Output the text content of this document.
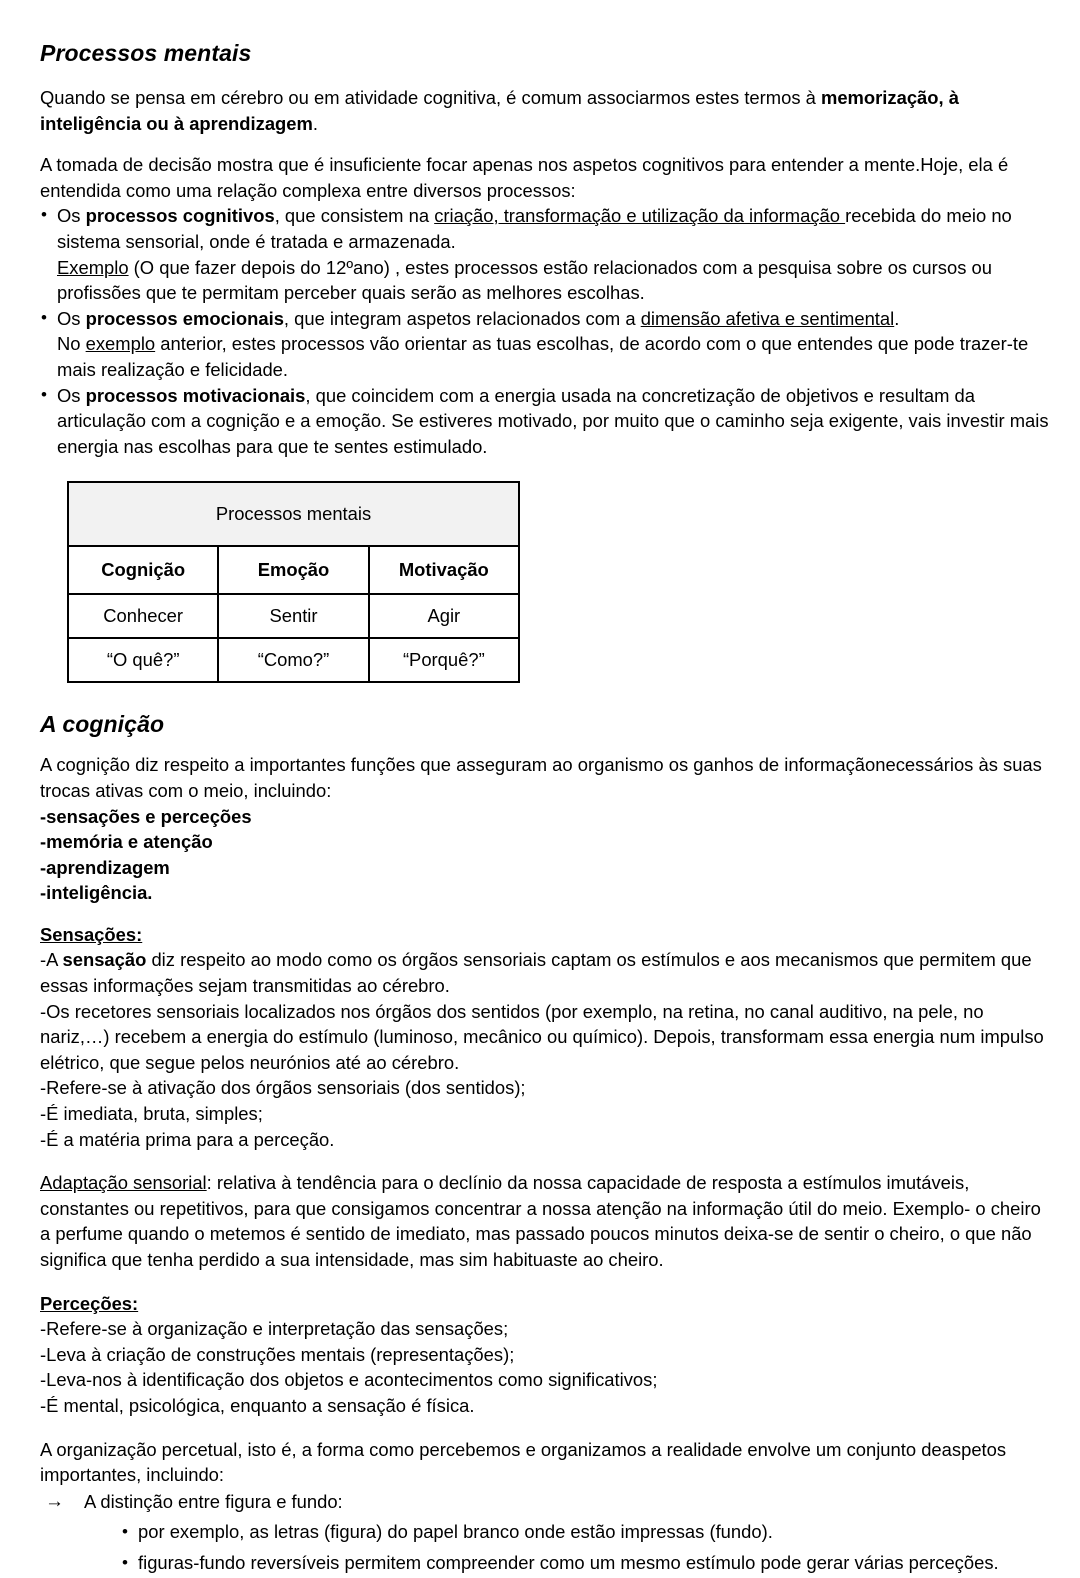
Processos mentais

Quando se pensa em cérebro ou em atividade cognitiva, é comum associarmos estes termos à memorização, à inteligência ou à aprendizagem.

A tomada de decisão mostra que é insuficiente focar apenas nos aspetos cognitivos para entender a mente.Hoje, ela é entendida como uma relação complexa entre diversos processos:

• Os processos cognitivos, que consistem na criação, transformação e utilização da informação recebida do meio no sistema sensorial, onde é tratada e armazenada.
Exemplo (O que fazer depois do 12ºano) , estes processos estão relacionados com a pesquisa sobre os cursos ou profissões que te permitam perceber quais serão as melhores escolhas.
• Os processos emocionais, que integram aspetos relacionados com a dimensão afetiva e sentimental.
No exemplo anterior, estes processos vão orientar as tuas escolhas, de acordo com o que entendes que pode trazer-te mais realização e felicidade.
• Os processos motivacionais, que coincidem com a energia usada na concretização de objetivos e resultam da articulação com a cognição e a emoção. Se estiveres motivado, por muito que o caminho seja exigente, vais investir mais energia nas escolhas para que te sentes estimulado.
Processos mentais		
Cognição	Emoção	Motivação
Conhecer	Sentir	Agir
“O quê?”	“Como?”	“Porquê?”
A cognição

A cognição diz respeito a importantes funções que asseguram ao organismo os ganhos de informaçãonecessários às suas trocas ativas com o meio, incluindo:

-sensações e perceções
-memória e atenção
-aprendizagem
-inteligência.
Sensações:
-A sensação diz respeito ao modo como os órgãos sensoriais captam os estímulos e aos mecanismos que permitem que essas informações sejam transmitidas ao cérebro.
-Os recetores sensoriais localizados nos órgãos dos sentidos (por exemplo, na retina, no canal auditivo, na pele, no nariz,…) recebem a energia do estímulo (luminoso, mecânico ou químico). Depois, transformam essa energia num impulso elétrico, que segue pelos neurónios até ao cérebro.
-Refere-se à ativação dos órgãos sensoriais (dos sentidos);
-É imediata, bruta, simples;
-É a matéria prima para a perceção.

Adaptação sensorial: relativa à tendência para o declínio da nossa capacidade de resposta a estímulos imutáveis, constantes ou repetitivos, para que consigamos concentrar a nossa atenção na informação útil do meio. Exemplo- o cheiro a perfume quando o metemos é sentido de imediato, mas passado poucos minutos deixa-se de sentir o cheiro, o que não significa que tenha perdido a sua intensidade, mas sim habituaste ao cheiro.

Perceções:
-Refere-se à organização e interpretação das sensações;
-Leva à criação de construções mentais (representações);
-Leva-nos à identificação dos objetos e acontecimentos como significativos;
-É mental, psicológica, enquanto a sensação é física.

A organização percetual, isto é, a forma como percebemos e organizamos a realidade envolve um conjunto deaspetos importantes, incluindo:

→ A distinção entre figura e fundo:
• por exemplo, as letras (figura) do papel branco onde estão impressas (fundo).
• figuras-fundo reversíveis permitem compreender como um mesmo estímulo pode gerar várias perceções.
